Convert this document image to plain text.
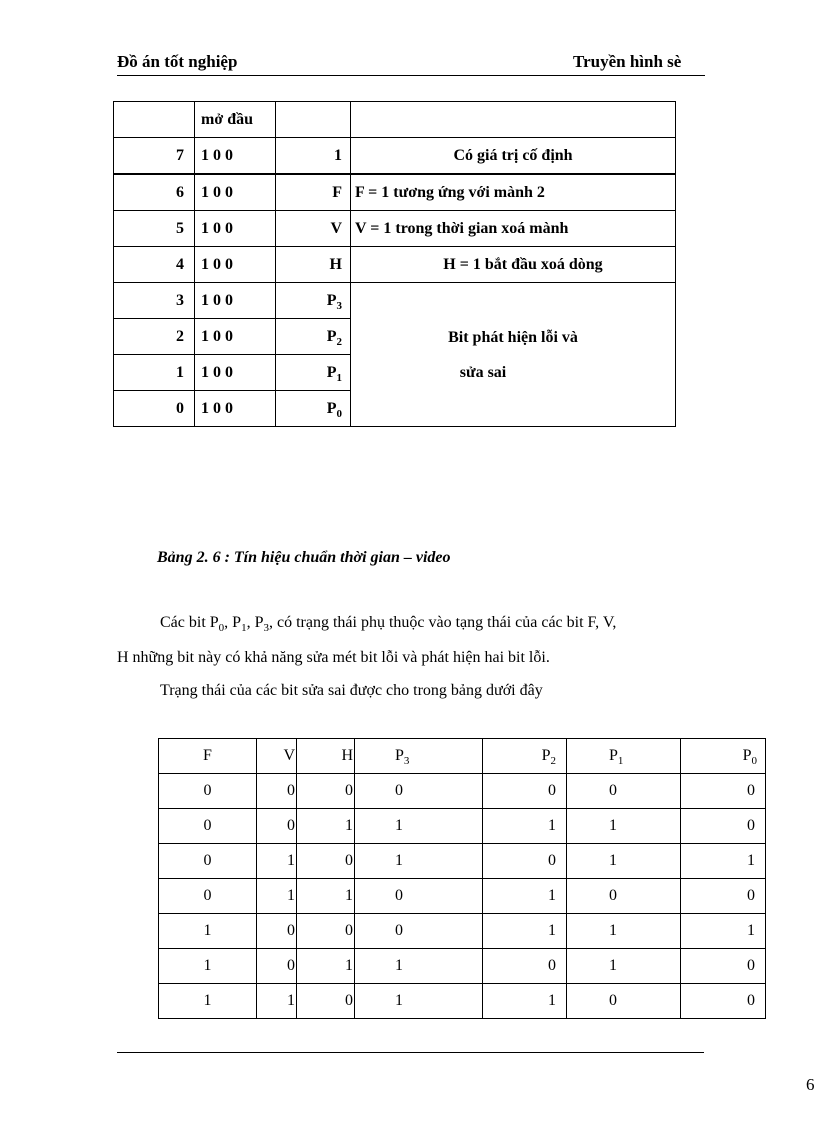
Đồ án tốt nghiệp	Truyền hình sè
	mở đầu		
7	1 0 0	1	Có giá trị cố định
6	1 0 0	F	F = 1 tương ứng với mành 2
5	1 0 0	V	V = 1 trong thời gian xoá mành
4	1 0 0	H	H = 1 bắt đầu xoá dòng
3	1 0 0	$P_3$	Bit phát hiện lỗi và
sửa sai

2	1 0 0	$P_2$
1	1 0 0	$P_1$
0	1 0 0	$P_0$
Bảng 2. 6 : Tín hiệu chuẩn thời gian – video
Các bit $P_0$, $P_1$, $P_3$, có trạng thái phụ thuộc vào tạng thái của các bit F, V,
H những bit này có khả năng sửa mét bit lỗi và phát hiện hai bit lỗi.
Trạng thái của các bit sửa sai được cho trong bảng dưới đây
F	V	H	$P_3$	$P_2$	$P_1$	$P_0$
0	0	0	0	0	0	0
0	0	1	1	1	1	0
0	1	0	1	0	1	1
0	1	1	0	1	0	0
1	0	0	0	1	1	1
1	0	1	1	0	1	0
1	1	0	1	1	0	0
6
